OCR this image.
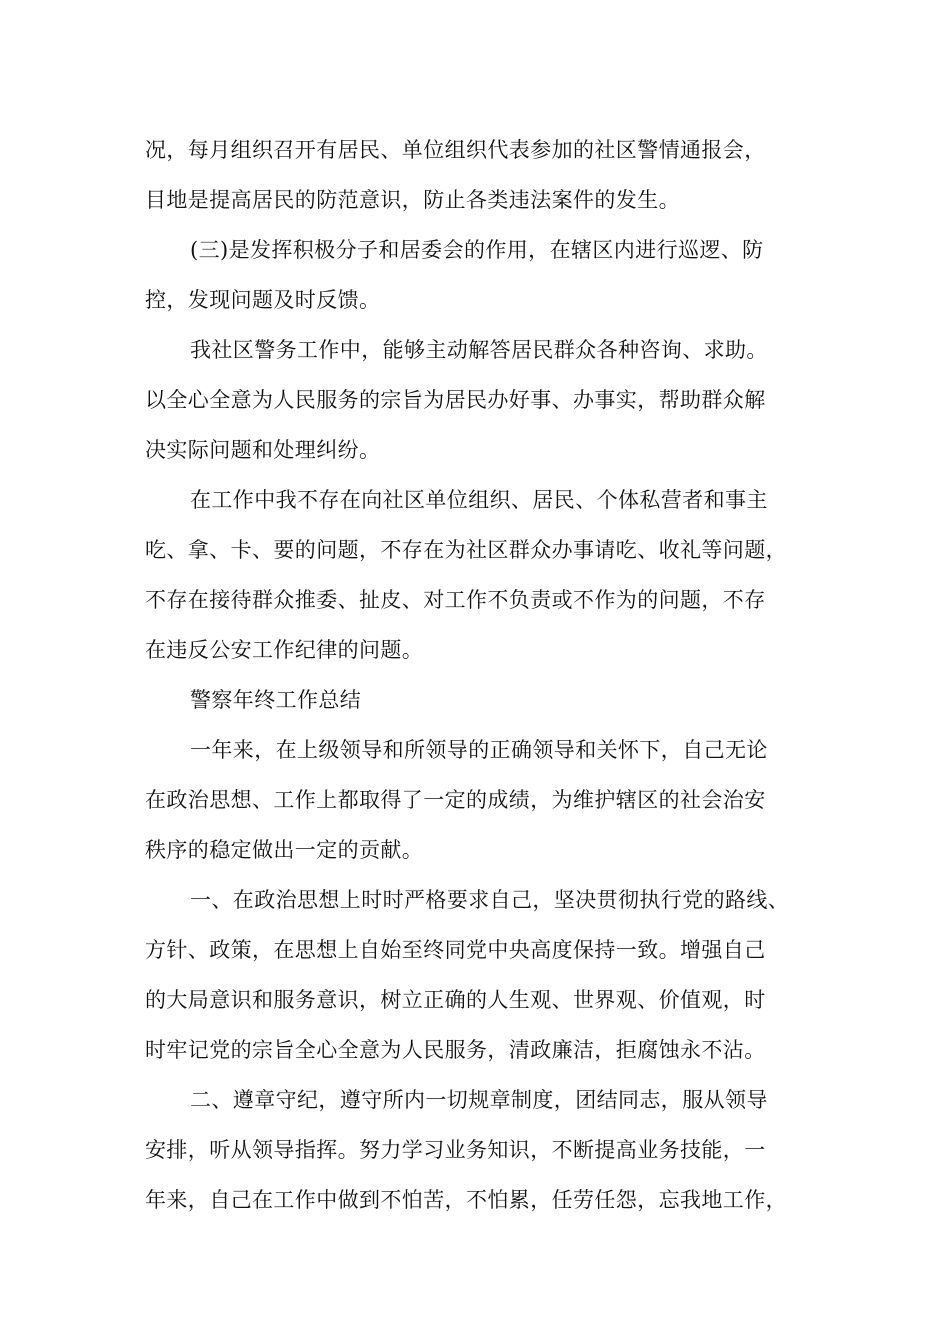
况，每月组织召开有居民、单位组织代表参加的社区警情通报会，
目地是提高居民的防范意识，防止各类违法案件的发生。
(三)是发挥积极分子和居委会的作用，在辖区内进行巡逻、防
控，发现问题及时反馈。
我社区警务工作中，能够主动解答居民群众各种咨询、求助。
以全心全意为人民服务的宗旨为居民办好事、办事实，帮助群众解
决实际问题和处理纠纷。
在工作中我不存在向社区单位组织、居民、个体私营者和事主
吃、拿、卡、要的问题，不存在为社区群众办事请吃、收礼等问题，
不存在接待群众推委、扯皮、对工作不负责或不作为的问题，不存
在违反公安工作纪律的问题。
警察年终工作总结
一年来，在上级领导和所领导的正确领导和关怀下，自己无论
在政治思想、工作上都取得了一定的成绩，为维护辖区的社会治安
秩序的稳定做出一定的贡献。
一、在政治思想上时时严格要求自己，坚决贯彻执行党的路线、
方针、政策，在思想上自始至终同党中央高度保持一致。增强自己
的大局意识和服务意识，树立正确的人生观、世界观、价值观，时
时牢记党的宗旨全心全意为人民服务，清政廉洁，拒腐蚀永不沾。
二、遵章守纪，遵守所内一切规章制度，团结同志，服从领导
安排，听从领导指挥。努力学习业务知识，不断提高业务技能，一
年来，自己在工作中做到不怕苦，不怕累，任劳任怨，忘我地工作，
